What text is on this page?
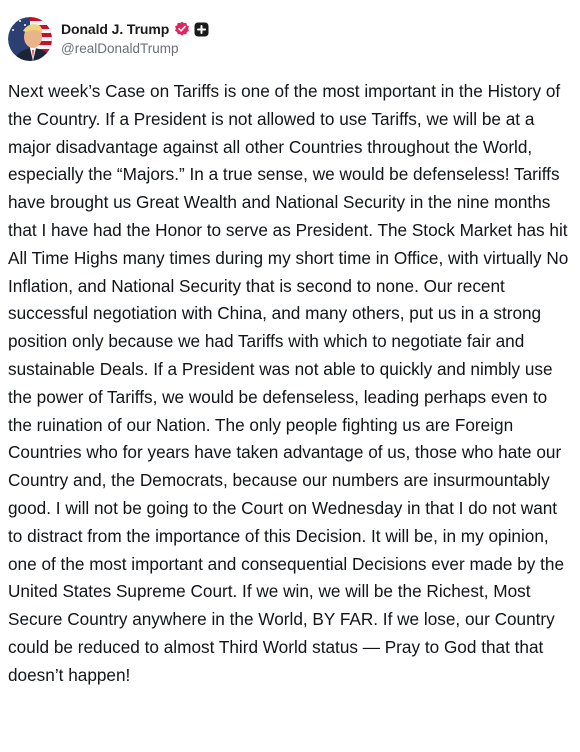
Donald J. Trump
@realDonaldTrump
Next week’s Case on Tariffs is one of the most important in the History of the Country. If a President is not allowed to use Tariffs, we will be at a major disadvantage against all other Countries throughout the World, especially the “Majors.” In a true sense, we would be defenseless! Tariffs have brought us Great Wealth and National Security in the nine months that I have had the Honor to serve as President. The Stock Market has hit All Time Highs many times during my short time in Office, with virtually No Inflation, and National Security that is second to none. Our recent successful negotiation with China, and many others, put us in a strong position only because we had Tariffs with which to negotiate fair and sustainable Deals. If a President was not able to quickly and nimbly use the power of Tariffs, we would be defenseless, leading perhaps even to the ruination of our Nation. The only people fighting us are Foreign Countries who for years have taken advantage of us, those who hate our Country and, the Democrats, because our numbers are insurmountably good. I will not be going to the Court on Wednesday in that I do not want to distract from the importance of this Decision. It will be, in my opinion, one of the most important and consequential Decisions ever made by the United States Supreme Court. If we win, we will be the Richest, Most Secure Country anywhere in the World, BY FAR. If we lose, our Country could be reduced to almost Third World status — Pray to God that that doesn’t happen!
